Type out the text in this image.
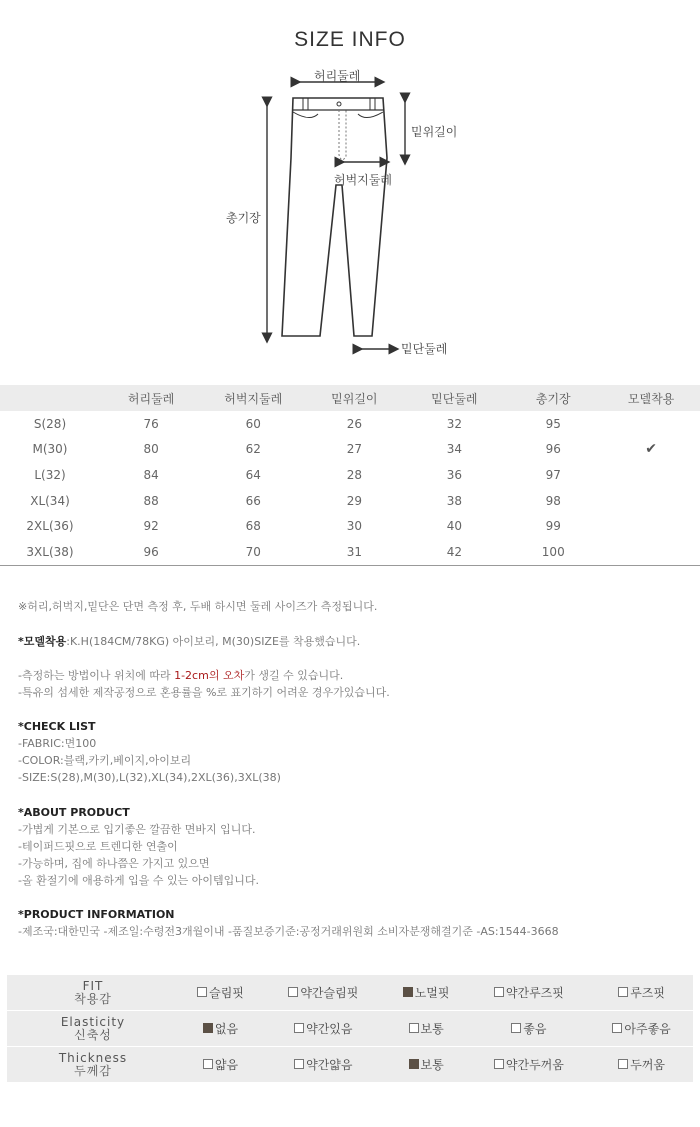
SIZE INFO
허리둘레
밑위길이
허벅지둘레
총기장
밑단둘레
	허리둘레	허벅지둘레	밑위길이	밑단둘레	총기장	모델착용
S(28)	76	60	26	32	95	
M(30)	80	62	27	34	96	✔
L(32)	84	64	28	36	97	
XL(34)	88	66	29	38	98	
2XL(36)	92	68	30	40	99	
3XL(38)	96	70	31	42	100	
※허리,허벅지,밑단은 단면 측정 후, 두배 하시면 둘레 사이즈가 측정됩니다.
*모델착용:K.H(184CM/78KG) 아이보리, M(30)SIZE를 착용했습니다.
-측정하는 방법이나 위치에 따라 1-2cm의 오차가 생길 수 있습니다.
-특유의 섬세한 제작공정으로 혼용률을 %로 표기하기 어려운 경우가있습니다.
*CHECK LIST
-FABRIC:면100
-COLOR:블랙,카키,베이지,아이보리
-SIZE:S(28),M(30),L(32),XL(34),2XL(36),3XL(38)
*ABOUT PRODUCT
-가볍게 기본으로 입기좋은 깔끔한 면바지 입니다.
-테이퍼드핏으로 트렌디한 연출이
-가능하며, 집에 하나쯤은 가지고 있으면
-올 환절기에 애용하게 입을 수 있는 아이템입니다.
*PRODUCT INFORMATION
-제조국:대한민국 -제조일:수령전3개월이내 -품질보증기준:공정거래위원회 소비자분쟁해결기준 -AS:1544-3668
FIT
착용감	슬림핏	약간슬림핏	노멀핏	약간루즈핏	루즈핏

Elasticity
신축성	없음	약간있음	보통	좋음	아주좋음

Thickness
두께감	얇음	약간얇음	보통	약간두꺼움	두꺼움
